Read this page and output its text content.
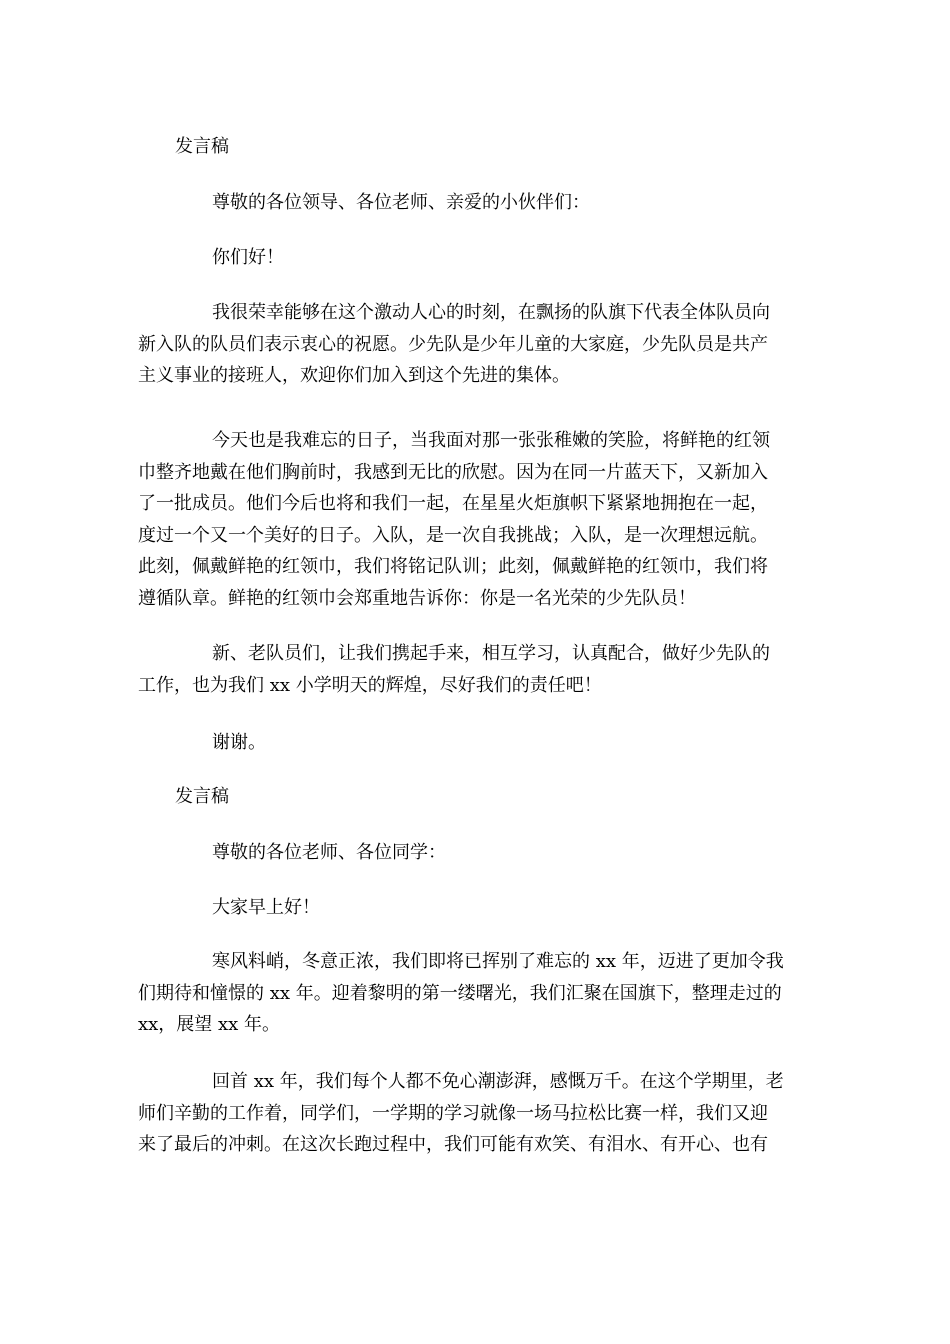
发言稿

尊敬的各位领导、各位老师、亲爱的小伙伴们：

你们好！

我很荣幸能够在这个激动人心的时刻，在飘扬的队旗下代表全体队员向
新入队的队员们表示衷心的祝愿。少先队是少年儿童的大家庭，少先队员是共产
主义事业的接班人，欢迎你们加入到这个先进的集体。

今天也是我难忘的日子，当我面对那一张张稚嫩的笑脸，将鲜艳的红领
巾整齐地戴在他们胸前时，我感到无比的欣慰。因为在同一片蓝天下，又新加入
了一批成员。他们今后也将和我们一起，在星星火炬旗帜下紧紧地拥抱在一起，
度过一个又一个美好的日子。入队，是一次自我挑战；入队，是一次理想远航。
此刻，佩戴鲜艳的红领巾，我们将铭记队训；此刻，佩戴鲜艳的红领巾，我们将
遵循队章。鲜艳的红领巾会郑重地告诉你：你是一名光荣的少先队员！

新、老队员们，让我们携起手来，相互学习，认真配合，做好少先队的
工作，也为我们 xx 小学明天的辉煌，尽好我们的责任吧！

谢谢。

发言稿

尊敬的各位老师、各位同学：

大家早上好！

寒风料峭，冬意正浓，我们即将已挥别了难忘的 xx 年，迈进了更加令我
们期待和憧憬的 xx 年。迎着黎明的第一缕曙光，我们汇聚在国旗下，整理走过的
xx，展望 xx 年。

回首 xx 年，我们每个人都不免心潮澎湃，感慨万千。在这个学期里，老
师们辛勤的工作着，同学们，一学期的学习就像一场马拉松比赛一样，我们又迎
来了最后的冲刺。在这次长跑过程中，我们可能有欢笑、有泪水、有开心、也有
